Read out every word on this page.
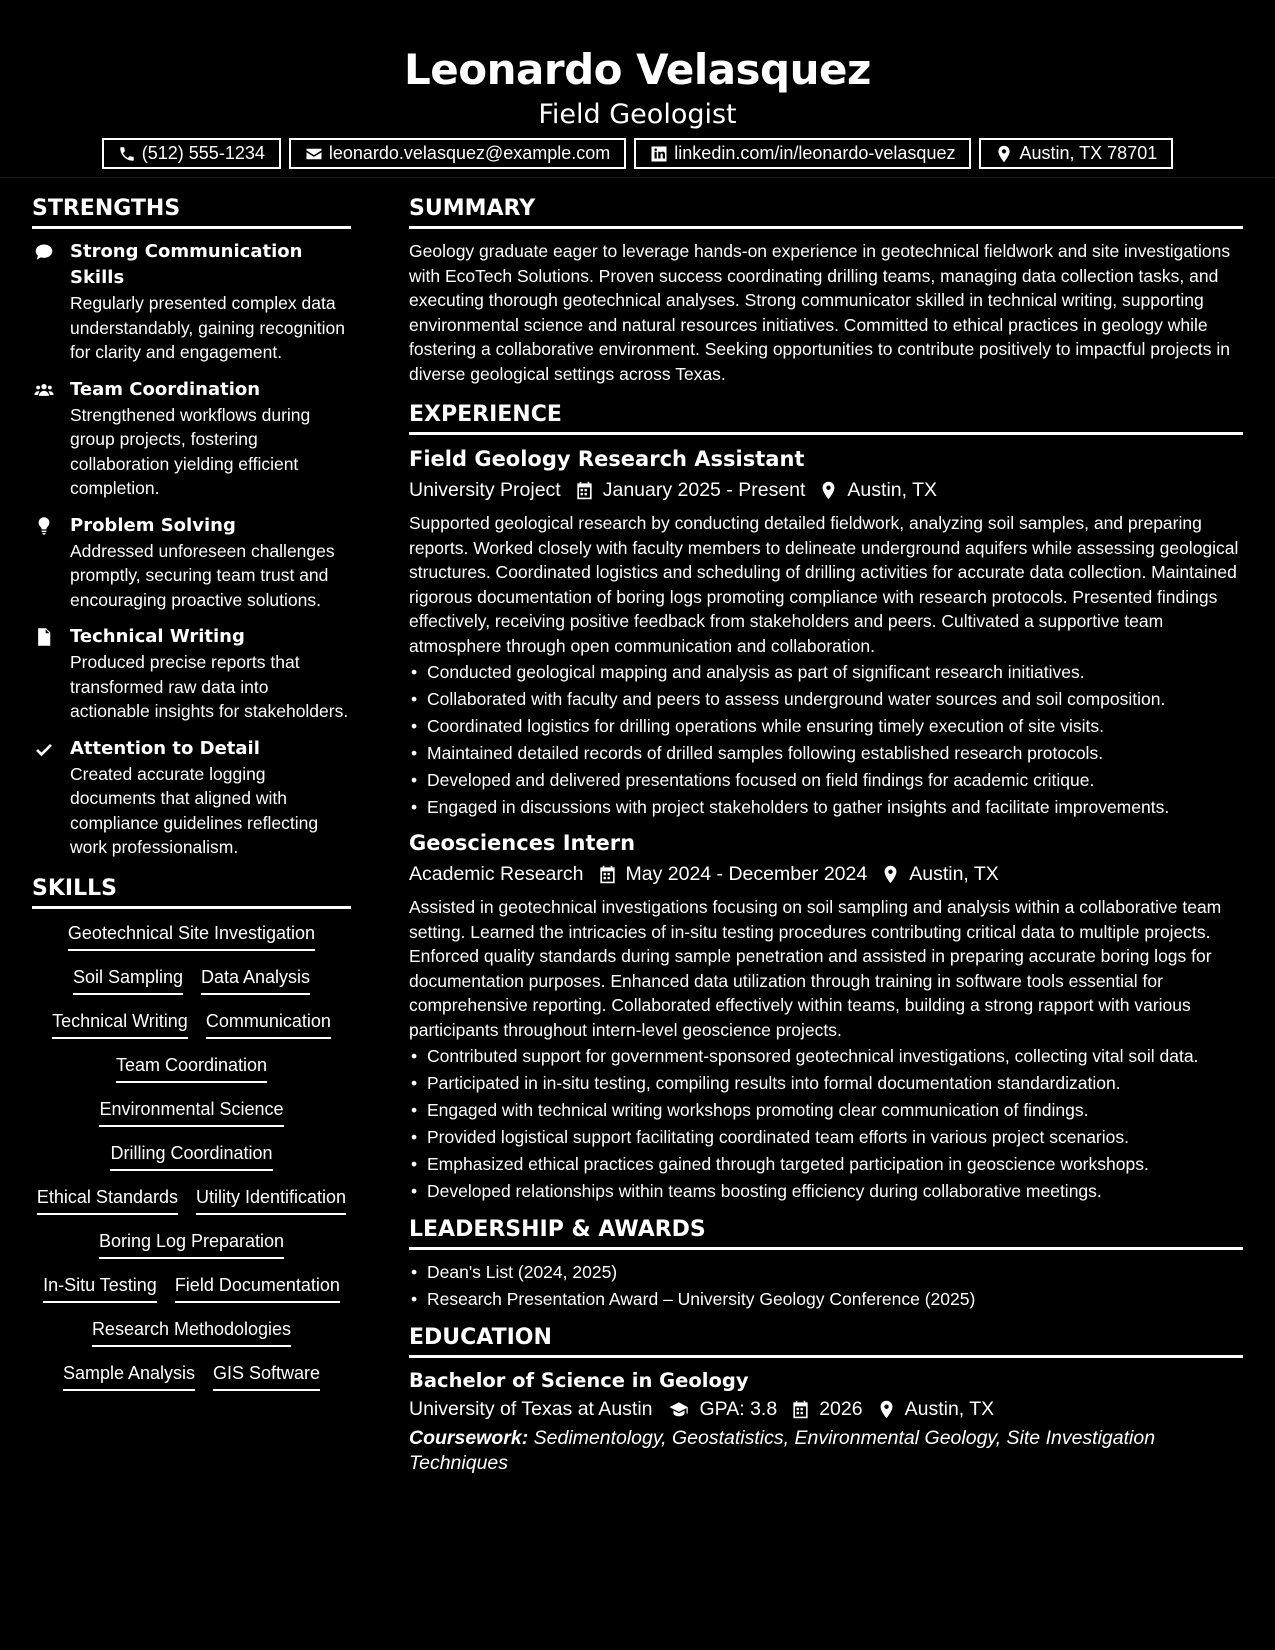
Leonardo Velasquez
Field Geologist
(512) 555-1234	leonardo.velasquez@example.com	linkedin.com/in/leonardo-velasquez	Austin, TX 78701
STRENGTHS
Strong Communication Skills
Regularly presented complex data understandably, gaining recognition for clarity and engagement.
Team Coordination
Strengthened workflows during group projects, fostering collaboration yielding efficient completion.
Problem Solving
Addressed unforeseen challenges promptly, securing team trust and encouraging proactive solutions.
Technical Writing
Produced precise reports that transformed raw data into actionable insights for stakeholders.
Attention to Detail
Created accurate logging documents that aligned with compliance guidelines reflecting work professionalism.
SKILLS
Geotechnical Site Investigation
Soil Sampling Data Analysis
Technical Writing Communication
Team Coordination
Environmental Science
Drilling Coordination
Ethical Standards Utility Identification
Boring Log Preparation
In-Situ Testing Field Documentation
Research Methodologies
Sample Analysis GIS Software
SUMMARY
Geology graduate eager to leverage hands-on experience in geotechnical fieldwork and site investigations with EcoTech Solutions. Proven success coordinating drilling teams, managing data collection tasks, and executing thorough geotechnical analyses. Strong communicator skilled in technical writing, supporting environmental science and natural resources initiatives. Committed to ethical practices in geology while fostering a collaborative environment. Seeking opportunities to contribute positively to impactful projects in diverse geological settings across Texas.
EXPERIENCE
Field Geology Research Assistant
University Project January 2025 - Present Austin, TX
Supported geological research by conducting detailed fieldwork, analyzing soil samples, and preparing reports. Worked closely with faculty members to delineate underground aquifers while assessing geological structures. Coordinated logistics and scheduling of drilling activities for accurate data collection. Maintained rigorous documentation of boring logs promoting compliance with research protocols. Presented findings effectively, receiving positive feedback from stakeholders and peers. Cultivated a supportive team atmosphere through open communication and collaboration.
• Conducted geological mapping and analysis as part of significant research initiatives.
• Collaborated with faculty and peers to assess underground water sources and soil composition.
• Coordinated logistics for drilling operations while ensuring timely execution of site visits.
• Maintained detailed records of drilled samples following established research protocols.
• Developed and delivered presentations focused on field findings for academic critique.
• Engaged in discussions with project stakeholders to gather insights and facilitate improvements.
Geosciences Intern
Academic Research May 2024 - December 2024 Austin, TX
Assisted in geotechnical investigations focusing on soil sampling and analysis within a collaborative team setting. Learned the intricacies of in-situ testing procedures contributing critical data to multiple projects. Enforced quality standards during sample penetration and assisted in preparing accurate boring logs for documentation purposes. Enhanced data utilization through training in software tools essential for comprehensive reporting. Collaborated effectively within teams, building a strong rapport with various participants throughout intern-level geoscience projects.
• Contributed support for government-sponsored geotechnical investigations, collecting vital soil data.
• Participated in in-situ testing, compiling results into formal documentation standardization.
• Engaged with technical writing workshops promoting clear communication of findings.
• Provided logistical support facilitating coordinated team efforts in various project scenarios.
• Emphasized ethical practices gained through targeted participation in geoscience workshops.
• Developed relationships within teams boosting efficiency during collaborative meetings.
LEADERSHIP & AWARDS
• Dean's List (2024, 2025)
• Research Presentation Award – University Geology Conference (2025)
EDUCATION
Bachelor of Science in Geology
University of Texas at Austin GPA: 3.8 2026 Austin, TX
Coursework: Sedimentology, Geostatistics, Environmental Geology, Site Investigation Techniques
